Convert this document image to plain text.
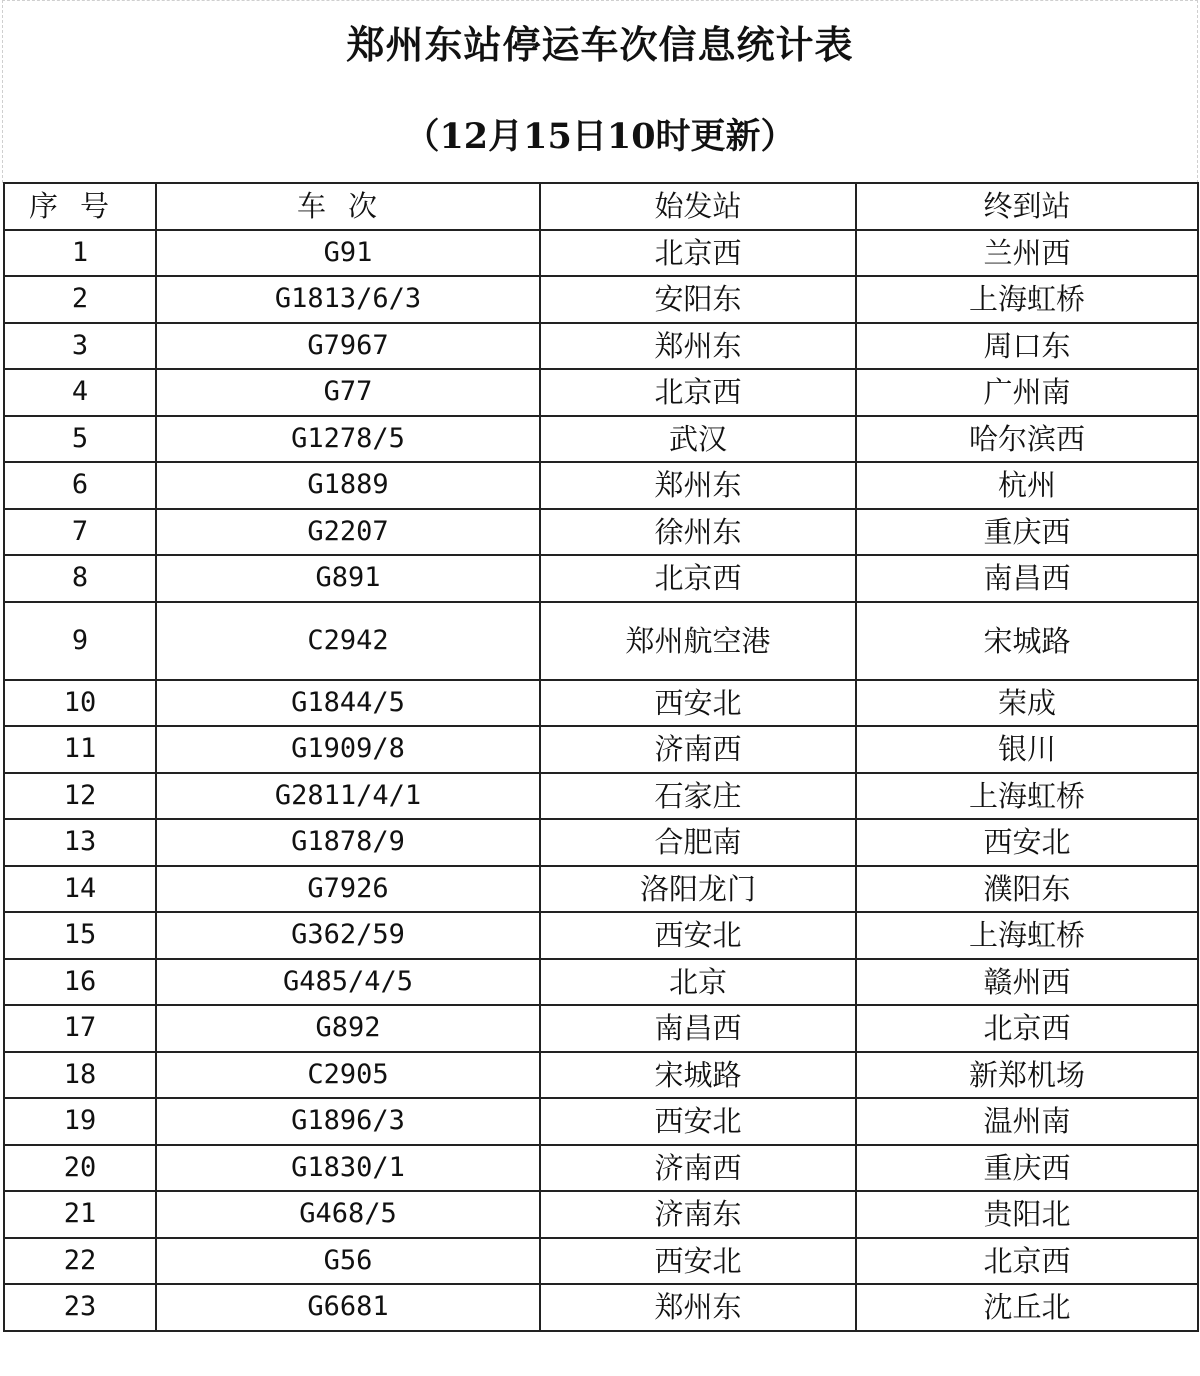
郑州东站停运车次信息统计表
（12月15日10时更新）
序号	车次	始发站	终到站
1	G91	北京西	兰州西
2	G1813/6/3	安阳东	上海虹桥
3	G7967	郑州东	周口东
4	G77	北京西	广州南
5	G1278/5	武汉	哈尔滨西
6	G1889	郑州东	杭州
7	G2207	徐州东	重庆西
8	G891	北京西	南昌西
9	C2942	郑州航空港	宋城路
10	G1844/5	西安北	荣成
11	G1909/8	济南西	银川
12	G2811/4/1	石家庄	上海虹桥
13	G1878/9	合肥南	西安北
14	G7926	洛阳龙门	濮阳东
15	G362/59	西安北	上海虹桥
16	G485/4/5	北京	赣州西
17	G892	南昌西	北京西
18	C2905	宋城路	新郑机场
19	G1896/3	西安北	温州南
20	G1830/1	济南西	重庆西
21	G468/5	济南东	贵阳北
22	G56	西安北	北京西
23	G6681	郑州东	沈丘北
